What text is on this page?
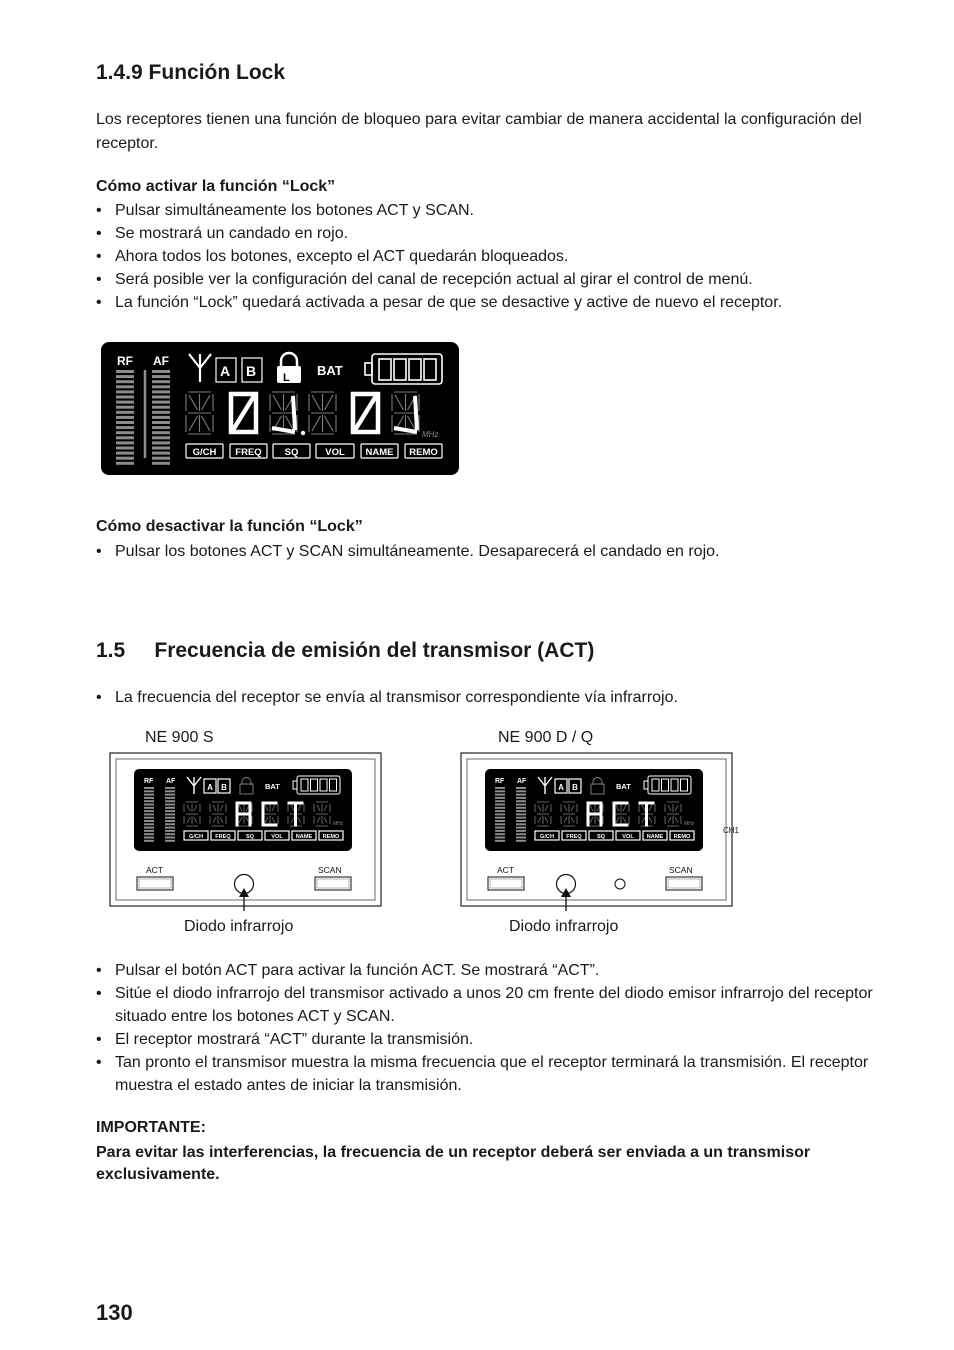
1.4.9 Función Lock
Los receptores tienen una función de bloqueo para evitar cambiar de manera accidental la configuración del receptor.
Cómo activar la función “Lock”
• Pulsar simultáneamente los botones ACT y SCAN.
• Se mostrará un candado en rojo.
• Ahora todos los botones, excepto el ACT quedarán bloqueados.
• Será posible ver la configuración del canal de recepción actual al girar el control de menú.
• La función “Lock” quedará activada a pesar de que se desactive y active de nuevo el receptor.
RF AF
A B L BAT
MHz
G/CH FREQ SQ	VOL NAME REMO
Cómo desactivar la función “Lock”
• Pulsar los botones ACT y SCAN simultáneamente. Desaparecerá el candado en rojo.
1.5     Frecuencia de emisión del transmisor (ACT)
• La frecuencia del receptor se envía al transmisor correspondiente vía infrarrojo.
NE 900 S	NE 900 D / Q
RF AF
A B	BAT
MHz
G/CH FREQ	SQ	VOL NAME REMO
ACT	SCAN
RF AF
A B	BAT
MHz
G/CH FREQ	SQ	VOL NAME REMO
CH1
ACT	SCAN
Diodo infrarrojo	Diodo infrarrojo
• Pulsar el botón ACT para activar la función ACT. Se mostrará “ACT”.
• Sitúe el diodo infrarrojo del transmisor activado a unos 20 cm frente del diodo emisor infrarrojo del receptor situado entre los botones ACT y SCAN.
• El receptor mostrará “ACT” durante la transmisión.
• Tan pronto el transmisor muestra la misma frecuencia que el receptor terminará la transmisión. El receptor muestra el estado antes de iniciar la transmisión.
IMPORTANTE:
Para evitar las interferencias, la frecuencia de un receptor deberá ser enviada a un transmisor exclusivamente.
130
